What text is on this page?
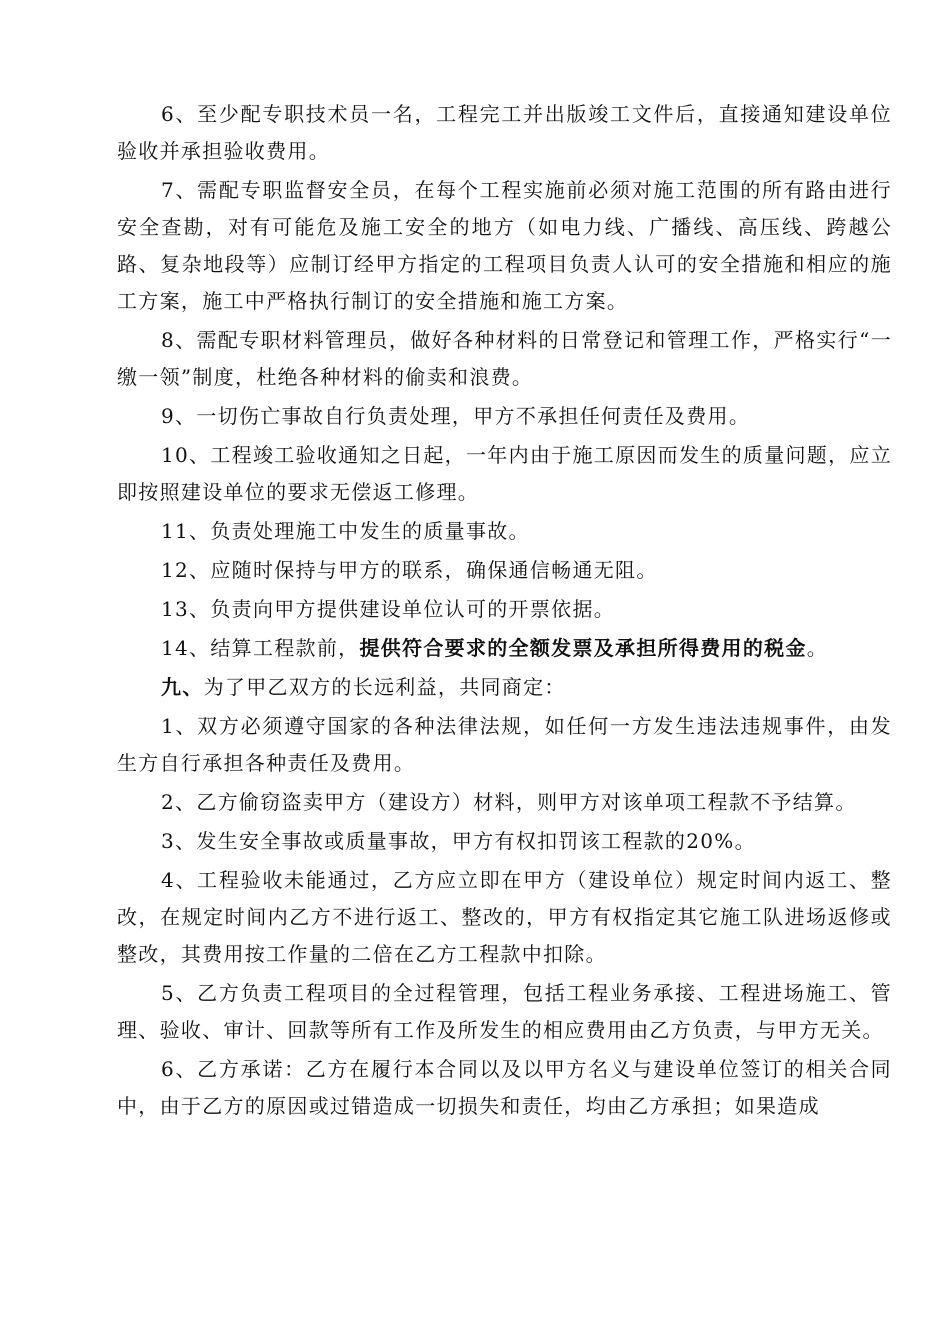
6、至少配专职技术员一名，工程完工并出版竣工文件后，直接通知建设单位验收并承担验收费用。

7、需配专职监督安全员，在每个工程实施前必须对施工范围的所有路由进行安全查勘，对有可能危及施工安全的地方（如电力线、广播线、高压线、跨越公路、复杂地段等）应制订经甲方指定的工程项目负责人认可的安全措施和相应的施工方案，施工中严格执行制订的安全措施和施工方案。

8、需配专职材料管理员，做好各种材料的日常登记和管理工作，严格实行“一缴一领”制度，杜绝各种材料的偷卖和浪费。

9、一切伤亡事故自行负责处理，甲方不承担任何责任及费用。

10、工程竣工验收通知之日起，一年内由于施工原因而发生的质量问题，应立即按照建设单位的要求无偿返工修理。

11、负责处理施工中发生的质量事故。

12、应随时保持与甲方的联系，确保通信畅通无阻。

13、负责向甲方提供建设单位认可的开票依据。

14、结算工程款前，提供符合要求的全额发票及承担所得费用的税金。

九、为了甲乙双方的长远利益，共同商定：

1、双方必须遵守国家的各种法律法规，如任何一方发生违法违规事件，由发生方自行承担各种责任及费用。

2、乙方偷窃盗卖甲方（建设方）材料，则甲方对该单项工程款不予结算。

3、发生安全事故或质量事故，甲方有权扣罚该工程款的20%。

4、工程验收未能通过，乙方应立即在甲方（建设单位）规定时间内返工、整改，在规定时间内乙方不进行返工、整改的，甲方有权指定其它施工队进场返修或整改，其费用按工作量的二倍在乙方工程款中扣除。

5、乙方负责工程项目的全过程管理，包括工程业务承接、工程进场施工、管理、验收、审计、回款等所有工作及所发生的相应费用由乙方负责，与甲方无关。

6、乙方承诺：乙方在履行本合同以及以甲方名义与建设单位签订的相关合同中，由于乙方的原因或过错造成一切损失和责任，均由乙方承担；如果造成
